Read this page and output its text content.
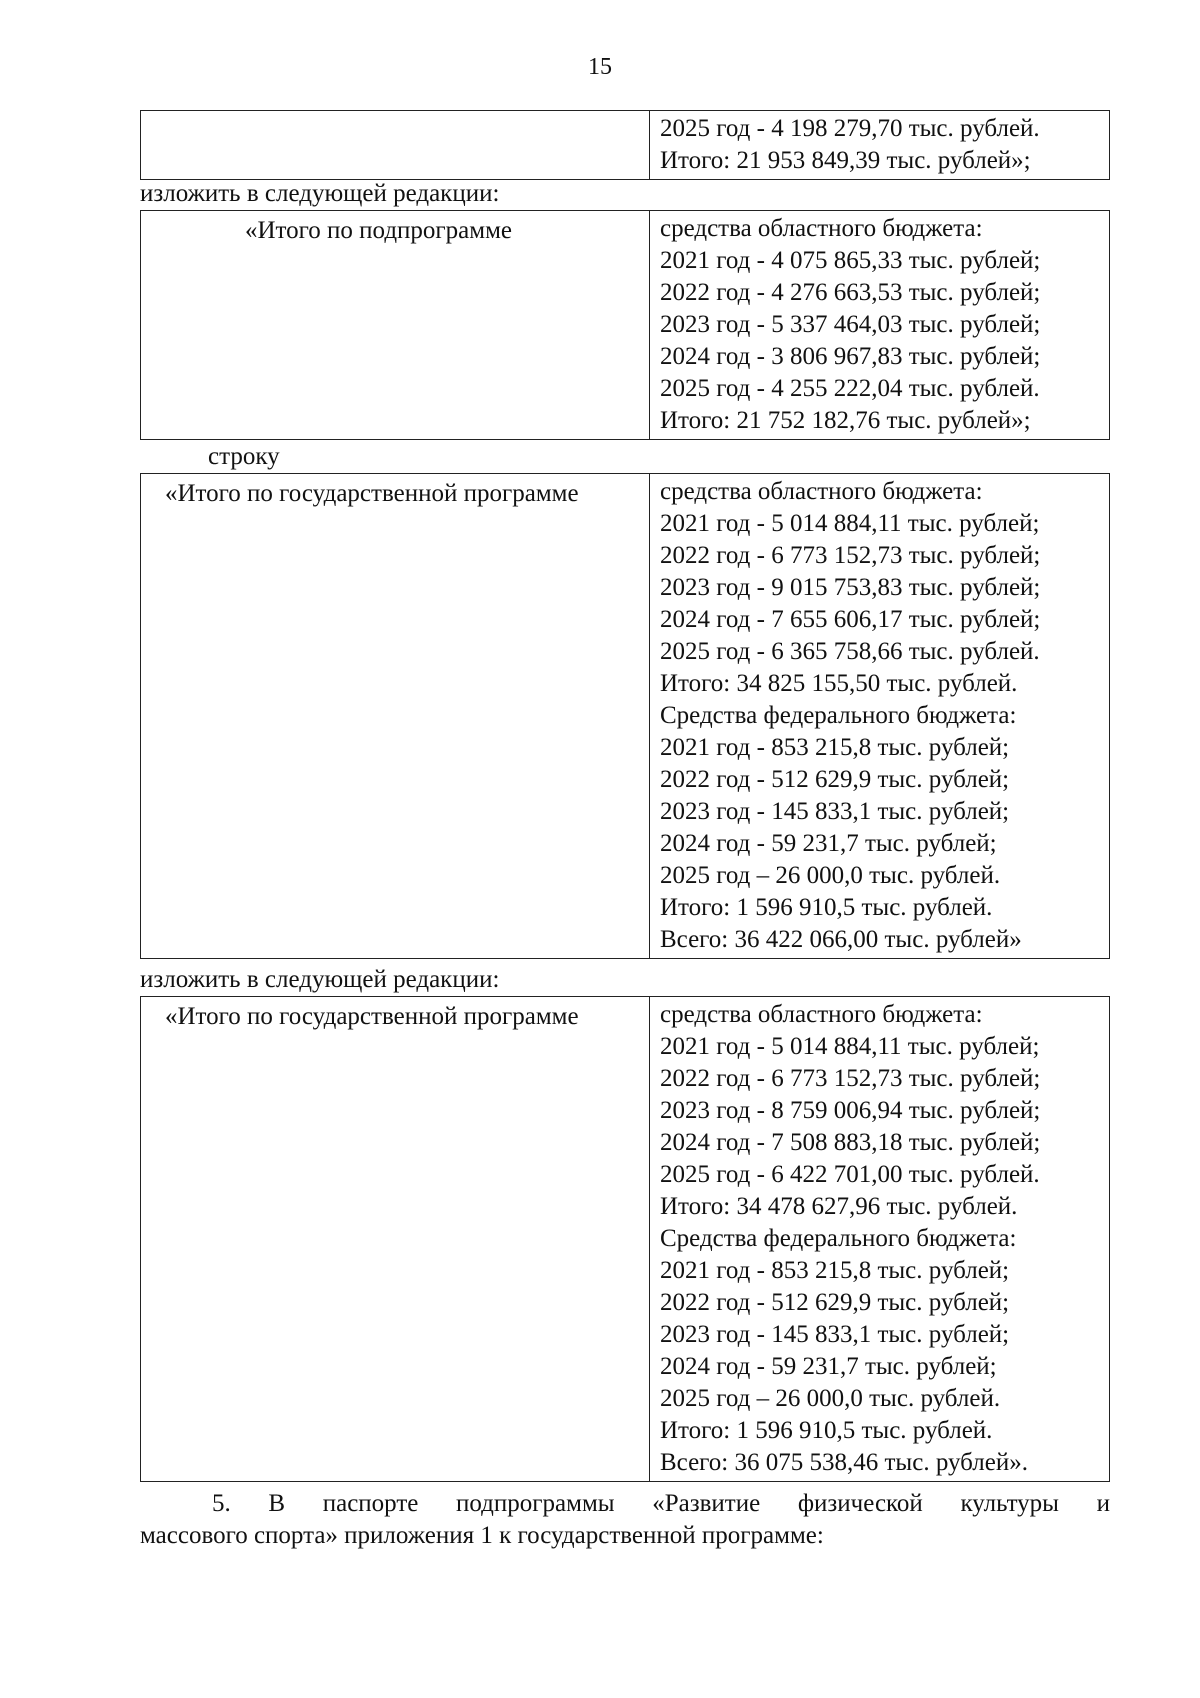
15

2025 год - 4 198 279,70 тыс. рублей.
Итого: 21 953 849,39 тыс. рублей»;
изложить в следующей редакции:
«Итого по подпрограмме	средства областного бюджета:
2021 год - 4 075 865,33 тыс. рублей;
2022 год - 4 276 663,53 тыс. рублей;
2023 год - 5 337 464,03 тыс. рублей;
2024 год - 3 806 967,83 тыс. рублей;
2025 год - 4 255 222,04 тыс. рублей.
Итого: 21 752 182,76 тыс. рублей»;
строку
«Итого по государственной программе	средства областного бюджета:
2021 год - 5 014 884,11 тыс. рублей;
2022 год - 6 773 152,73 тыс. рублей;
2023 год - 9 015 753,83 тыс. рублей;
2024 год - 7 655 606,17 тыс. рублей;
2025 год - 6 365 758,66 тыс. рублей.
Итого: 34 825 155,50 тыс. рублей.
Средства федерального бюджета:
2021 год - 853 215,8 тыс. рублей;
2022 год - 512 629,9 тыс. рублей;
2023 год - 145 833,1 тыс. рублей;
2024 год - 59 231,7 тыс. рублей;
2025 год – 26 000,0 тыс. рублей.
Итого: 1 596 910,5 тыс. рублей.
Всего: 36 422 066,00 тыс. рублей»
изложить в следующей редакции:
«Итого по государственной программе	средства областного бюджета:
2021 год - 5 014 884,11 тыс. рублей;
2022 год - 6 773 152,73 тыс. рублей;
2023 год - 8 759 006,94 тыс. рублей;
2024 год - 7 508 883,18 тыс. рублей;
2025 год - 6 422 701,00 тыс. рублей.
Итого: 34 478 627,96 тыс. рублей.
Средства федерального бюджета:
2021 год - 853 215,8 тыс. рублей;
2022 год - 512 629,9 тыс. рублей;
2023 год - 145 833,1 тыс. рублей;
2024 год - 59 231,7 тыс. рублей;
2025 год – 26 000,0 тыс. рублей.
Итого: 1 596 910,5 тыс. рублей.
Всего: 36 075 538,46 тыс. рублей».
5. В паспорте подпрограммы «Развитие физической культуры и
массового спорта» приложения 1 к государственной программе:
